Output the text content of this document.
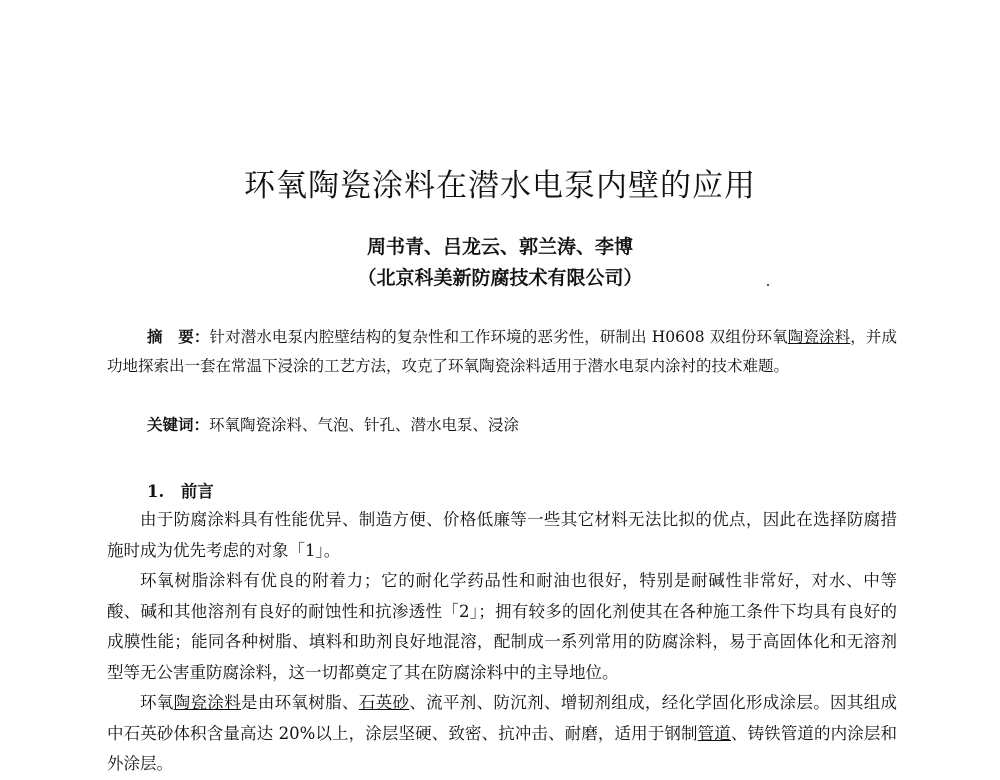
环氧陶瓷涂料在潜水电泵内壁的应用
周书青、吕龙云、郭兰涛、李博
（北京科美新防腐技术有限公司）
摘　要：针对潜水电泵内腔壁结构的复杂性和工作环境的恶劣性，研制出 H0608 双组份环氧陶瓷涂料，并成功地探索出一套在常温下浸涂的工艺方法，攻克了环氧陶瓷涂料适用于潜水电泵内涂衬的技术难题。
关键词：环氧陶瓷涂料、气泡、针孔、潜水电泵、浸涂
1.　前言

由于防腐涂料具有性能优异、制造方便、价格低廉等一些其它材料无法比拟的优点，因此在选择防腐措施时成为优先考虑的对象「1」。

环氧树脂涂料有优良的附着力；它的耐化学药品性和耐油也很好，特别是耐碱性非常好，对水、中等酸、碱和其他溶剂有良好的耐蚀性和抗渗透性「2」；拥有较多的固化剂使其在各种施工条件下均具有良好的成膜性能；能同各种树脂、填料和助剂良好地混溶，配制成一系列常用的防腐涂料，易于高固体化和无溶剂型等无公害重防腐涂料，这一切都奠定了其在防腐涂料中的主导地位。

环氧陶瓷涂料是由环氧树脂、石英砂、流平剂、防沉剂、增韧剂组成，经化学固化形成涂层。因其组成中石英砂体积含量高达 20%以上，涂层坚硬、致密、抗冲击、耐磨，适用于钢制管道、铸铁管道的内涂层和外涂层。
